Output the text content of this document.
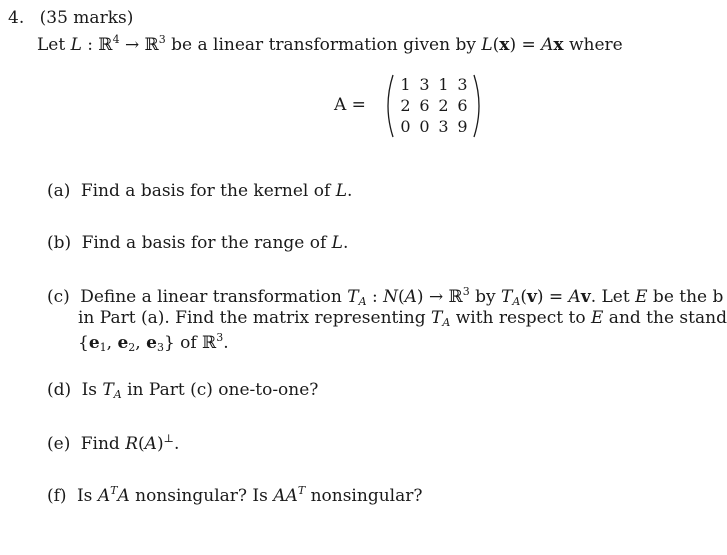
4. (35 marks)
Let L : ℝ$^4$ → ℝ$^3$ be a linear transformation given by L(x) = Ax where
A =
1 3 1 3
2 6 2 6
0 0 3 9
(a) Find a basis for the kernel of L.
(b) Find a basis for the range of L.
(c) Define a linear transformation $T_A$ : N(A) → ℝ$^3$ by $T_A(v) = Av$. Let E be the b
in Part (a). Find the matrix representing $T_A$ with respect to E and the stand
{$e_1$, $e_2$, $e_3$} of ℝ$^3$.
(d) Is $T_A$ in Part (c) one-to-one?
(e) Find R(A)⊥.
(f) Is $A^TA$ nonsingular? Is $AA^T$ nonsingular?
